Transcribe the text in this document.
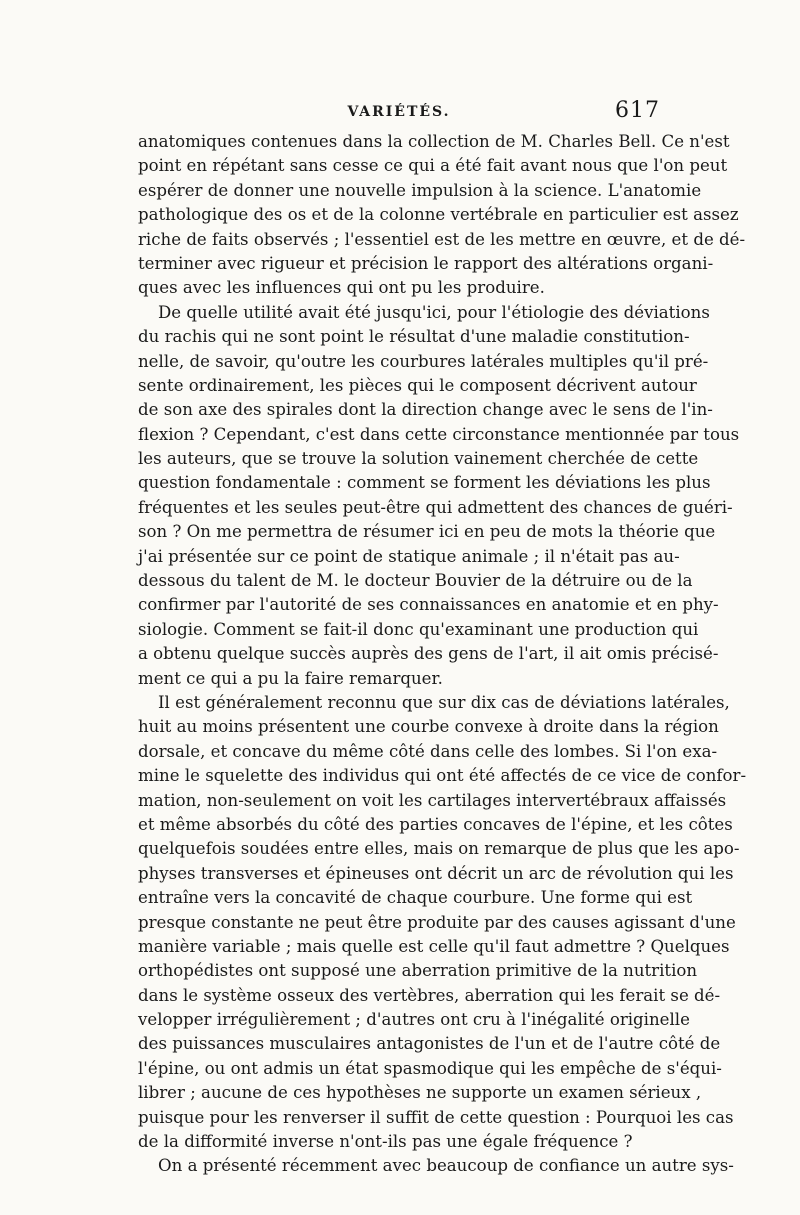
VARIÉTÉS.	617
anatomiques contenues dans la collection de M. Charles Bell. Ce n'est
point en répétant sans cesse ce qui a été fait avant nous que l'on peut
espérer de donner une nouvelle impulsion à la science. L'anatomie
pathologique des os et de la colonne vertébrale en particulier est assez
riche de faits observés ; l'essentiel est de les mettre en œuvre, et de dé-
terminer avec rigueur et précision le rapport des altérations organi-
ques avec les influences qui ont pu les produire.
De quelle utilité avait été jusqu'ici, pour l'étiologie des déviations
du rachis qui ne sont point le résultat d'une maladie constitution-
nelle, de savoir, qu'outre les courbures latérales multiples qu'il pré-
sente ordinairement, les pièces qui le composent décrivent autour
de son axe des spirales dont la direction change avec le sens de l'in-
flexion ? Cependant, c'est dans cette circonstance mentionnée par tous
les auteurs, que se trouve la solution vainement cherchée de cette
question fondamentale : comment se forment les déviations les plus
fréquentes et les seules peut-être qui admettent des chances de guéri-
son ? On me permettra de résumer ici en peu de mots la théorie que
j'ai présentée sur ce point de statique animale ; il n'était pas au-
dessous du talent de M. le docteur Bouvier de la détruire ou de la
confirmer par l'autorité de ses connaissances en anatomie et en phy-
siologie. Comment se fait-il donc qu'examinant une production qui
a obtenu quelque succès auprès des gens de l'art, il ait omis précisé-
ment ce qui a pu la faire remarquer.
Il est généralement reconnu que sur dix cas de déviations latérales,
huit au moins présentent une courbe convexe à droite dans la région
dorsale, et concave du même côté dans celle des lombes. Si l'on exa-
mine le squelette des individus qui ont été affectés de ce vice de confor-
mation, non-seulement on voit les cartilages intervertébraux affaissés
et même absorbés du côté des parties concaves de l'épine, et les côtes
quelquefois soudées entre elles, mais on remarque de plus que les apo-
physes transverses et épineuses ont décrit un arc de révolution qui les
entraîne vers la concavité de chaque courbure. Une forme qui est
presque constante ne peut être produite par des causes agissant d'une
manière variable ; mais quelle est celle qu'il faut admettre ? Quelques
orthopédistes ont supposé une aberration primitive de la nutrition
dans le système osseux des vertèbres, aberration qui les ferait se dé-
velopper irrégulièrement ; d'autres ont cru à l'inégalité originelle
des puissances musculaires antagonistes de l'un et de l'autre côté de
l'épine, ou ont admis un état spasmodique qui les empêche de s'équi-
librer ; aucune de ces hypothèses ne supporte un examen sérieux ,
puisque pour les renverser il suffit de cette question : Pourquoi les cas
de la difformité inverse n'ont-ils pas une égale fréquence ?
On a présenté récemment avec beaucoup de confiance un autre sys-
